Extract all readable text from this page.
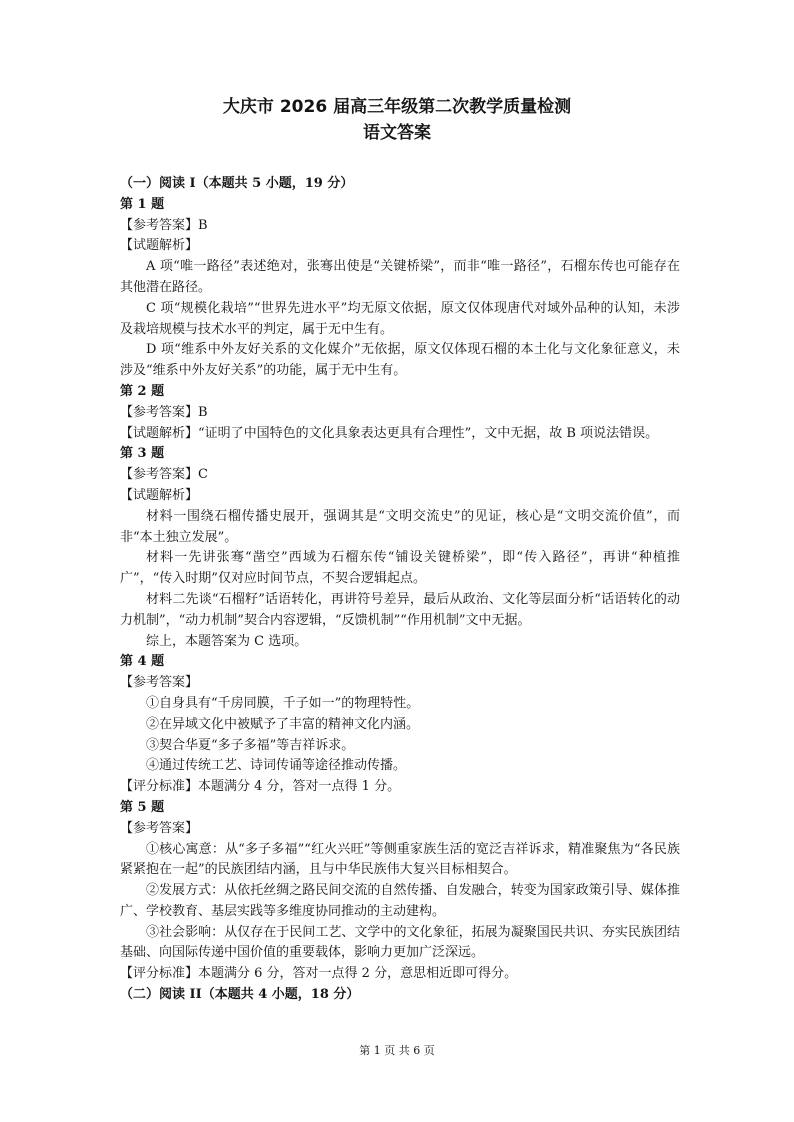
大庆市 2026 届高三年级第二次教学质量检测
语文答案
（一）阅读 I（本题共 5 小题，19 分）
第 1 题
【参考答案】B
【试题解析】
A 项“唯一路径”表述绝对，张骞出使是“关键桥梁”，而非“唯一路径”，石榴东传也可能存在其他潜在路径。
C 项“规模化栽培”“世界先进水平”均无原文依据，原文仅体现唐代对域外品种的认知，未涉及栽培规模与技术水平的判定，属于无中生有。
D 项“维系中外友好关系的文化媒介”无依据，原文仅体现石榴的本土化与文化象征意义，未涉及“维系中外友好关系”的功能，属于无中生有。
第 2 题
【参考答案】B
【试题解析】“证明了中国特色的文化具象表达更具有合理性”，文中无据，故 B 项说法错误。
第 3 题
【参考答案】C
【试题解析】
材料一围绕石榴传播史展开，强调其是“文明交流史”的见证，核心是“文明交流价值”，而非“本土独立发展”。
材料一先讲张骞“凿空”西域为石榴东传“铺设关键桥梁”，即“传入路径”，再讲“种植推广”，“传入时期”仅对应时间节点，不契合逻辑起点。
材料二先谈“石榴籽”话语转化，再讲符号差异，最后从政治、文化等层面分析“话语转化的动力机制”，“动力机制”契合内容逻辑，“反馈机制”“作用机制”文中无据。
综上，本题答案为 C 选项。
第 4 题
【参考答案】
①自身具有“千房同膜，千子如一”的物理特性。
②在异域文化中被赋予了丰富的精神文化内涵。
③契合华夏“多子多福”等吉祥诉求。
④通过传统工艺、诗词传诵等途径推动传播。
【评分标准】本题满分 4 分，答对一点得 1 分。
第 5 题
【参考答案】
①核心寓意：从“多子多福”“红火兴旺”等侧重家族生活的宽泛吉祥诉求，精准聚焦为“各民族紧紧抱在一起”的民族团结内涵，且与中华民族伟大复兴目标相契合。
②发展方式：从依托丝绸之路民间交流的自然传播、自发融合，转变为国家政策引导、媒体推广、学校教育、基层实践等多维度协同推动的主动建构。
③社会影响：从仅存在于民间工艺、文学中的文化象征，拓展为凝聚国民共识、夯实民族团结基础、向国际传递中国价值的重要载体，影响力更加广泛深远。
【评分标准】本题满分 6 分，答对一点得 2 分，意思相近即可得分。
（二）阅读 II（本题共 4 小题，18 分）
第 1 页 共 6 页
